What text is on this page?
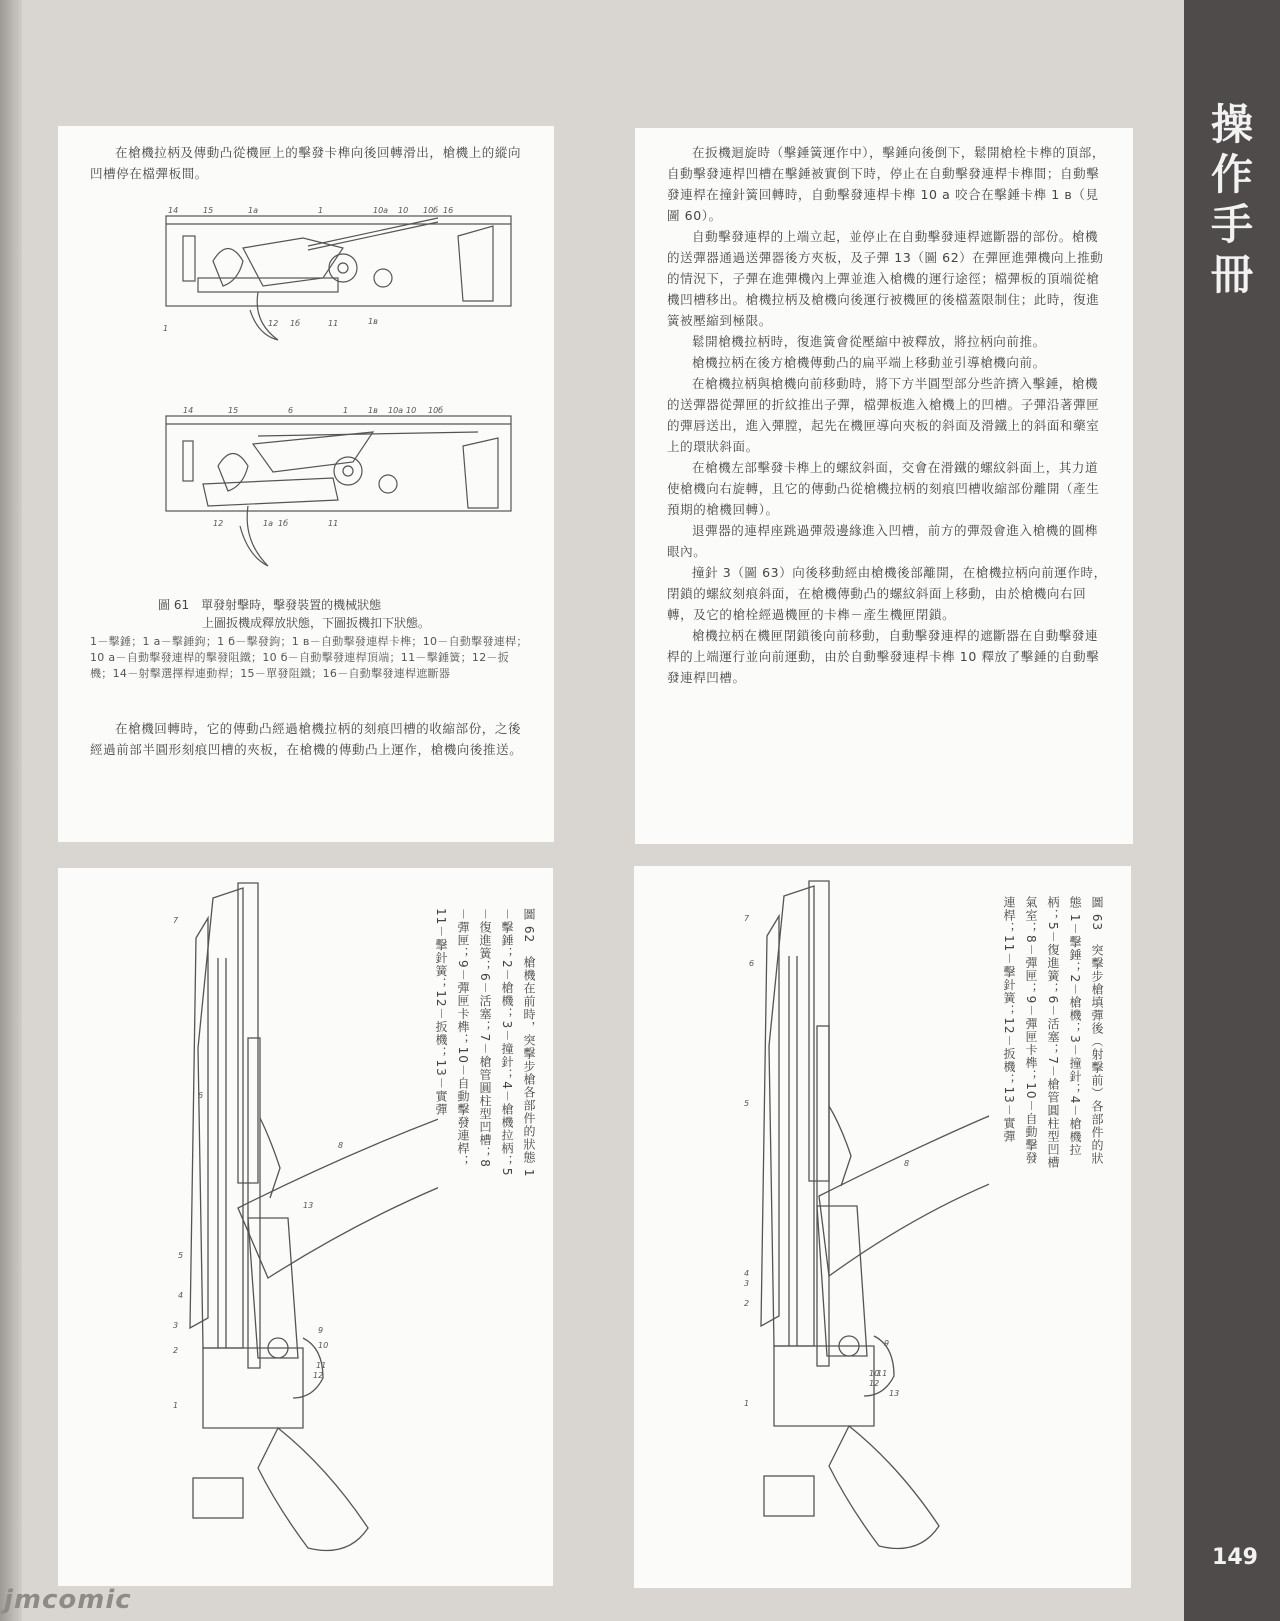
操作手冊
149

在槍機拉柄及傳動凸從機匣上的擊發卡榫向後回轉滑出，槍機上的縱向凹槽停在檔彈板間。

14	15	1a	1	10a 10 10б 16
12 1б	11	1в
1
14	15	6	1 1в 10a 10 10б
12	1a 1б	11
圖 61　單發射擊時，擊發裝置的機械狀態
上圖扳機成釋放狀態，下圖扳機扣下狀態。

1－擊錘；1 a－擊錘鉤；1 б－擊發鉤；1 в－自動擊發連桿卡榫；10－自動擊發連桿；10 a－自動擊發連桿的擊發阻鐵；10 б－自動擊發連桿頂端；11－擊錘簧；12－扳機；14－射擊選擇桿連動桿；15－單發阻鐵；16－自動擊發連桿遮斷器

在槍機回轉時，它的傳動凸經過槍機拉柄的刻痕凹槽的收縮部份，之後經過前部半圓形刻痕凹槽的夾板，在槍機的傳動凸上運作，槍機向後推送。

在扳機迴旋時（擊錘簧運作中），擊錘向後倒下，鬆開槍栓卡榫的頂部，自動擊發連桿凹槽在擊錘被實倒下時，停止在自動擊發連桿卡榫間；自動擊發連桿在撞針簧回轉時，自動擊發連桿卡榫 10 a 咬合在擊錘卡榫 1 в（見圖 60）。

自動擊發連桿的上端立起，並停止在自動擊發連桿遮斷器的部份。槍機的送彈器通過送彈器後方夾板，及子彈 13（圖 62）在彈匣進彈機向上推動的情況下，子彈在進彈機內上彈並進入槍機的運行途徑；檔彈板的頂端從槍機凹槽移出。槍機拉柄及槍機向後運行被機匣的後檔蓋限制住；此時，復進簧被壓縮到極限。

鬆開槍機拉柄時，復進簧會從壓縮中被釋放，將拉柄向前推。

槍機拉柄在後方槍機傳動凸的扁平端上移動並引導槍機向前。

在槍機拉柄與槍機向前移動時，將下方半圓型部分些許擠入擊錘，槍機的送彈器從彈匣的折紋推出子彈，檔彈板進入槍機上的凹槽。子彈沿著彈匣的彈唇送出，進入彈膛，起先在機匣導向夾板的斜面及滑鐵上的斜面和藥室上的環狀斜面。

在槍機左部擊發卡榫上的螺紋斜面，交會在滑鐵的螺紋斜面上，其力道使槍機向右旋轉，且它的傳動凸從槍機拉柄的刻痕凹槽收縮部份離開（產生預期的槍機回轉）。

退彈器的連桿座跳過彈殼邊緣進入凹槽，前方的彈殼會進入槍機的圓榫眼內。

撞針 3（圖 63）向後移動經由槍機後部離開，在槍機拉柄向前運作時，閉鎖的螺紋刻痕斜面，在槍機傳動凸的螺紋斜面上移動，由於槍機向右回轉，及它的槍栓經過機匣的卡榫－產生機匣閉鎖。

槍機拉柄在機匣閉鎖後向前移動，自動擊發連桿的遮斷器在自動擊發連桿的上端運行並向前運動，由於自動擊發連桿卡榫 10 釋放了擊錘的自動擊發連桿凹槽。

7
6
8
13
5
4
3
2
1
9
10
11
12
圖 62　槍機在前時，突擊步槍各部件的狀態 1－擊錘；2－槍機；3－撞針；4－槍機拉柄；5－復進簧；6－活塞；7－槍管圓柱型凹槽；8－彈匣；9－彈匣卡榫；10－自動擊發連桿；11－擊針簧；12－扳機；13－實彈	7
6
5
8
4
3
2
1
9
10
11
12
13
圖 63　突擊步槍填彈後（射擊前）各部件的狀態 1－擊錘；2－槍機；3－撞針；4－槍機拉柄；5－復進簧；6－活塞；7－槍管圓柱型凹槽氣室；8－彈匣；9－彈匣卡榫；10－自動擊發連桿；11－擊針簧；12－扳機；13－實彈
jmcomic
